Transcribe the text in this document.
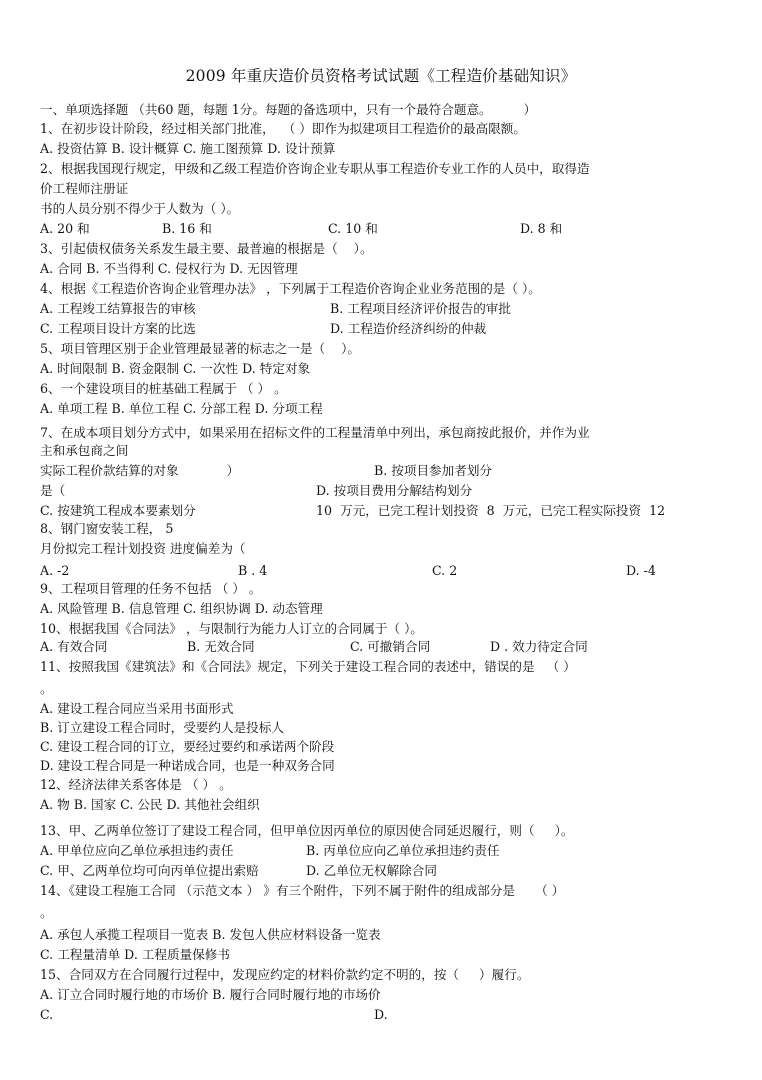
2009 年重庆造价员资格考试试题《工程造价基础知识》
一、单项选择题 （共60 题，每题 1分。每题的备选项中，只有一个最符合题意。        ）
1、在初步设计阶段，经过相关部门批准，  （ ）即作为拟建项目工程造价的最高限额。
A. 投资估算 B. 设计概算 C. 施工图预算 D. 设计预算
2、根据我国现行规定，甲级和乙级工程造价咨询企业专职从事工程造价专业工作的人员中，取得造
价工程师注册证
书的人员分别不得少于人数为（ ）。
A. 20 和	B. 16 和	C. 10 和	D. 8 和
3、引起债权债务关系发生最主要、最普遍的根据是（    ）。
A. 合同 B. 不当得利 C. 侵权行为 D. 无因管理
4、根据《工程造价咨询企业管理办法》 ，下列属于工程造价咨询企业业务范围的是（ ）。
A. 工程竣工结算报告的审核	B. 工程项目经济评价报告的审批
C. 工程项目设计方案的比选	D. 工程造价经济纠纷的仲裁
5、项目管理区别于企业管理最显著的标志之一是（    ）。
A. 时间限制 B. 资金限制 C. 一次性 D. 特定对象
6、一个建设项目的桩基础工程属于 （ ） 。
A. 单项工程 B. 单位工程 C. 分部工程 D. 分项工程
7、在成本项目划分方式中，如果采用在招标文件的工程量清单中列出，承包商按此报价，并作为业
主和承包商之间
实际工程价款结算的对象            ）	B. 按项目参加者划分
是（	D. 按项目费用分解结构划分
C. 按建筑工程成本要素划分	10  万元，已完工程计划投资  8  万元，已完工程实际投资  12
8、钢门窗安装工程， 5
月份拟完工程计划投资 进度偏差为（
A. -2	B . 4	C. 2	D. -4
9、工程项目管理的任务不包括 （ ） 。
A. 风险管理 B. 信息管理 C. 组织协调 D. 动态管理
10、根据我国《合同法》 ，与限制行为能力人订立的合同属于（ ）。
A. 有效合同	B. 无效合同	C. 可撤销合同	D . 效力待定合同
11、按照我国《建筑法》和《合同法》规定，下列关于建设工程合同的表述中，错误的是   （ ）
。
A. 建设工程合同应当采用书面形式
B. 订立建设工程合同时，受要约人是投标人
C. 建设工程合同的订立，要经过要约和承诺两个阶段
D. 建设工程合同是一种诺成合同，也是一种双务合同
12、经济法律关系客体是 （ ） 。
A. 物 B. 国家 C. 公民 D. 其他社会组织
13、甲、乙两单位签订了建设工程合同，但甲单位因丙单位的原因使合同延迟履行，则（     ）。
A. 甲单位应向乙单位承担违约责任	B. 丙单位应向乙单位承担违约责任
C. 甲、乙两单位均可向丙单位提出索赔	D. 乙单位无权解除合同
14、《建设工程施工合同 （示范文本 ） 》有三个附件，下列不属于附件的组成部分是     （ ）
。
A. 承包人承揽工程项目一览表 B. 发包人供应材料设备一览表
C. 工程量清单 D. 工程质量保修书
15、合同双方在合同履行过程中，发现应约定的材料价款约定不明的，按（     ）履行。
A. 订立合同时履行地的市场价 B. 履行合同时履行地的市场价
C.	D.
